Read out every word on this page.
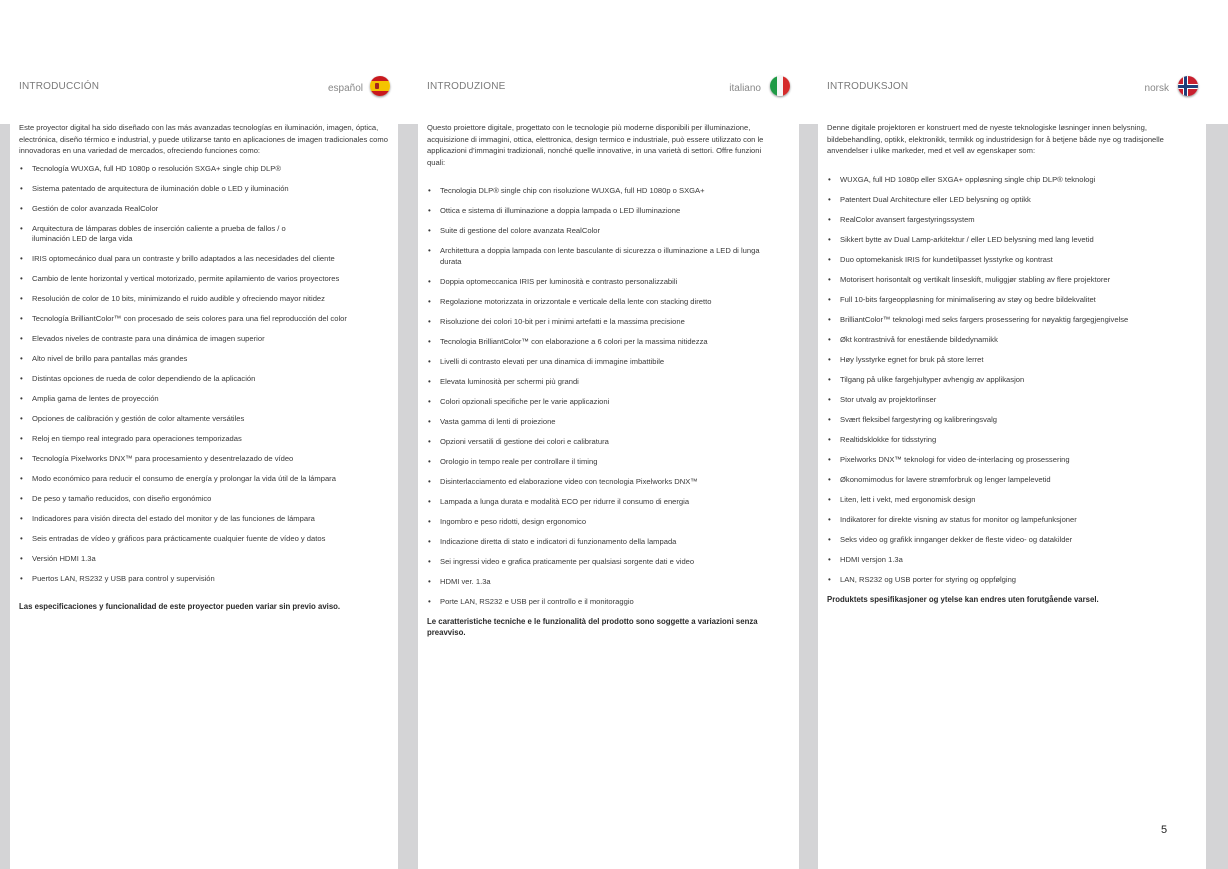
INTRODUCCIÓN	español

Este proyector digital ha sido diseñado con las más avanzadas tecnologías en iluminación, imagen, óptica, electrónica, diseño térmico e industrial, y puede utilizarse tanto en aplicaciones de imagen tradicionales como innovadoras en una variedad de mercados, ofreciendo funciones como:

• Tecnología WUXGA, full HD 1080p o resolución SXGA+ single chip DLP®
• Sistema patentado de arquitectura de iluminación doble o LED y iluminación
• Gestión de color avanzada RealColor
• Arquitectura de lámparas dobles de inserción caliente a prueba de fallos / o iluminación LED de larga vida
• IRIS optomecánico dual para un contraste y brillo adaptados a las necesidades del cliente
• Cambio de lente horizontal y vertical motorizado, permite apilamiento de varios proyectores
• Resolución de color de 10 bits, minimizando el ruido audible y ofreciendo mayor nitidez
• Tecnología BrilliantColor™ con procesado de seis colores para una fiel reproducción del color
• Elevados niveles de contraste para una dinámica de imagen superior
• Alto nivel de brillo para pantallas más grandes
• Distintas opciones de rueda de color dependiendo de la aplicación
• Amplia gama de lentes de proyección
• Opciones de calibración y gestión de color altamente versátiles
• Reloj en tiempo real integrado para operaciones temporizadas
• Tecnología Pixelworks DNX™ para procesamiento y desentrelazado de vídeo
• Modo económico para reducir el consumo de energía y prolongar la vida útil de la lámpara
• De peso y tamaño reducidos, con diseño ergonómico
• Indicadores para visión directa del estado del monitor y de las funciones de lámpara
• Seis entradas de vídeo y gráficos para prácticamente cualquier fuente de vídeo y datos
• Versión HDMI 1.3a
• Puertos LAN, RS232 y USB para control y supervisión

Las especificaciones y funcionalidad de este proyector pueden variar sin previo aviso.

INTRODUZIONE	italiano

Questo proiettore digitale, progettato con le tecnologie più moderne disponibili per illuminazione, acquisizione di immagini, ottica, elettronica, design termico e industriale, può essere utilizzato con le applicazioni d’immagini tradizionali, nonché quelle innovative, in una varietà di settori. Offre funzioni quali:

• Tecnologia DLP® single chip con risoluzione WUXGA, full HD 1080p o SXGA+
• Ottica e sistema di illuminazione a doppia lampada o LED illuminazione
• Suite di gestione del colore avanzata RealColor
• Architettura a doppia lampada con lente basculante di sicurezza o illuminazione a LED di lunga durata
• Doppia optomeccanica IRIS per luminosità e contrasto personalizzabili
• Regolazione motorizzata in orizzontale e verticale della lente con stacking diretto
• Risoluzione dei colori 10-bit per i minimi artefatti e la massima precisione
• Tecnologia BrilliantColor™ con elaborazione a 6 colori per la massima nitidezza
• Livelli di contrasto elevati per una dinamica di immagine imbattibile
• Elevata luminosità per schermi più grandi
• Colori opzionali specifiche per le varie applicazioni
• Vasta gamma di lenti di proiezione
• Opzioni versatili di gestione dei colori e calibratura
• Orologio in tempo reale per controllare il timing
• Disinterlacciamento ed elaborazione video con tecnologia Pixelworks DNX™
• Lampada a lunga durata e modalità ECO per ridurre il consumo di energia
• Ingombro e peso ridotti, design ergonomico
• Indicazione diretta di stato e indicatori di funzionamento della lampada
• Sei ingressi video e grafica praticamente per qualsiasi sorgente dati e video
• HDMI ver. 1.3a
• Porte LAN, RS232 e USB per il controllo e il monitoraggio

Le caratteristiche tecniche e le funzionalità del prodotto sono soggette a variazioni senza preavviso.

INTRODUKSJON	norsk

Denne digitale projektoren er konstruert med de nyeste teknologiske løsninger innen belysning, bildebehandling, optikk, elektronikk, termikk og industridesign for å betjene både nye og tradisjonelle anvendelser i ulike markeder, med et vell av egenskaper som:

• WUXGA, full HD 1080p eller SXGA+ oppløsning single chip DLP® teknologi
• Patentert Dual Architecture eller LED belysning og optikk
• RealColor avansert fargestyringssystem
• Sikkert bytte av Dual Lamp-arkitektur / eller LED belysning med lang levetid
• Duo optomekanisk IRIS for kundetilpasset lysstyrke og kontrast
• Motorisert horisontalt og vertikalt linseskift, muliggjør stabling av flere projektorer
• Full 10-bits fargeoppløsning for minimalisering av støy og bedre bildekvalitet
• BrilliantColor™ teknologi med seks fargers prosessering for nøyaktig fargegjengivelse
• Økt kontrastnivå for enestående bildedynamikk
• Høy lysstyrke egnet for bruk på store lerret
• Tilgang på ulike fargehjultyper avhengig av applikasjon
• Stor utvalg av projektorlinser
• Svært fleksibel fargestyring og kalibreringsvalg
• Realtidsklokke for tidsstyring
• Pixelworks DNX™ teknologi for video de-interlacing og prosessering
• Økonomimodus for lavere strømforbruk og lenger lampelevetid
• Liten, lett i vekt, med ergonomisk design
• Indikatorer for direkte visning av status for monitor og lampefunksjoner
• Seks video og grafikk innganger dekker de fleste video- og datakilder
• HDMI versjon 1.3a
• LAN, RS232 og USB porter for styring og oppfølging

Produktets spesifikasjoner og ytelse kan endres uten forutgående varsel.

5
